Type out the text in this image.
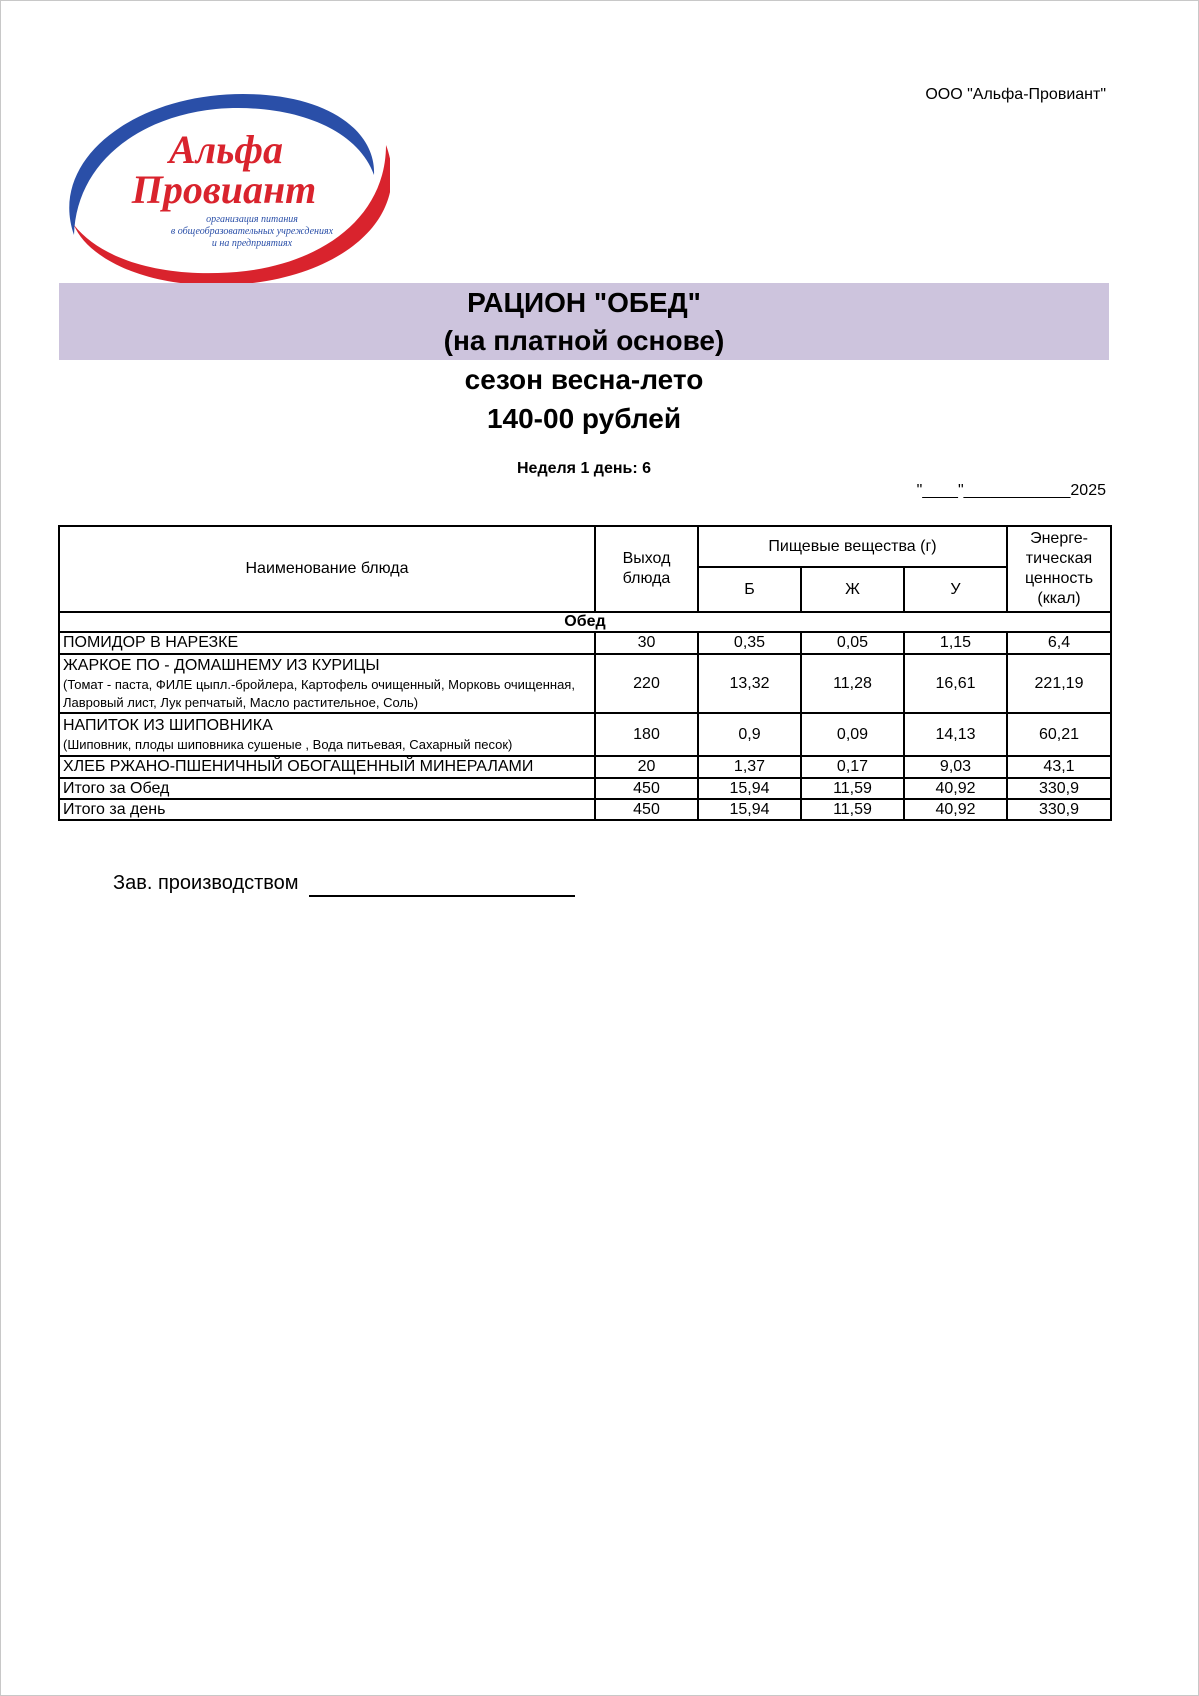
ООО "Альфа-Провиант"
Альфа
Провиант
организация питания
в общеобразовательных учреждениях
и на предприятиях
РАЦИОН "ОБЕД"
(на платной основе)
сезон весна-лето
140-00 рублей
Неделя 1 день: 6
"____"____________2025
Наименование блюда	Выход блюда	Пищевые вещества (г)			Энерге-тическая ценность (ккал)
		Б	Ж	У	
Обед					

ПОМИДОР В НАРЕЗКЕ	30	0,35	0,05	1,15	6,4

ЖАРКОЕ ПО - ДОМАШНЕМУ ИЗ КУРИЦЫ
(Томат - паста, ФИЛЕ цыпл.-бройлера, Картофель очищенный, Морковь очищенная, Лавровый лист, Лук репчатый, Масло растительное, Соль)	220	13,32	11,28	16,61	221,19

НАПИТОК ИЗ ШИПОВНИКА
(Шиповник, плоды шиповника сушеные , Вода питьевая, Сахарный песок)	180	0,9	0,09	14,13	60,21

ХЛЕБ РЖАНО-ПШЕНИЧНЫЙ ОБОГАЩЕННЫЙ МИНЕРАЛАМИ	20	1,37	0,17	9,03	43,1
Итого за Обед	450	15,94	11,59	40,92	330,9
Итого за день	450	15,94	11,59	40,92	330,9
Зав. производством
